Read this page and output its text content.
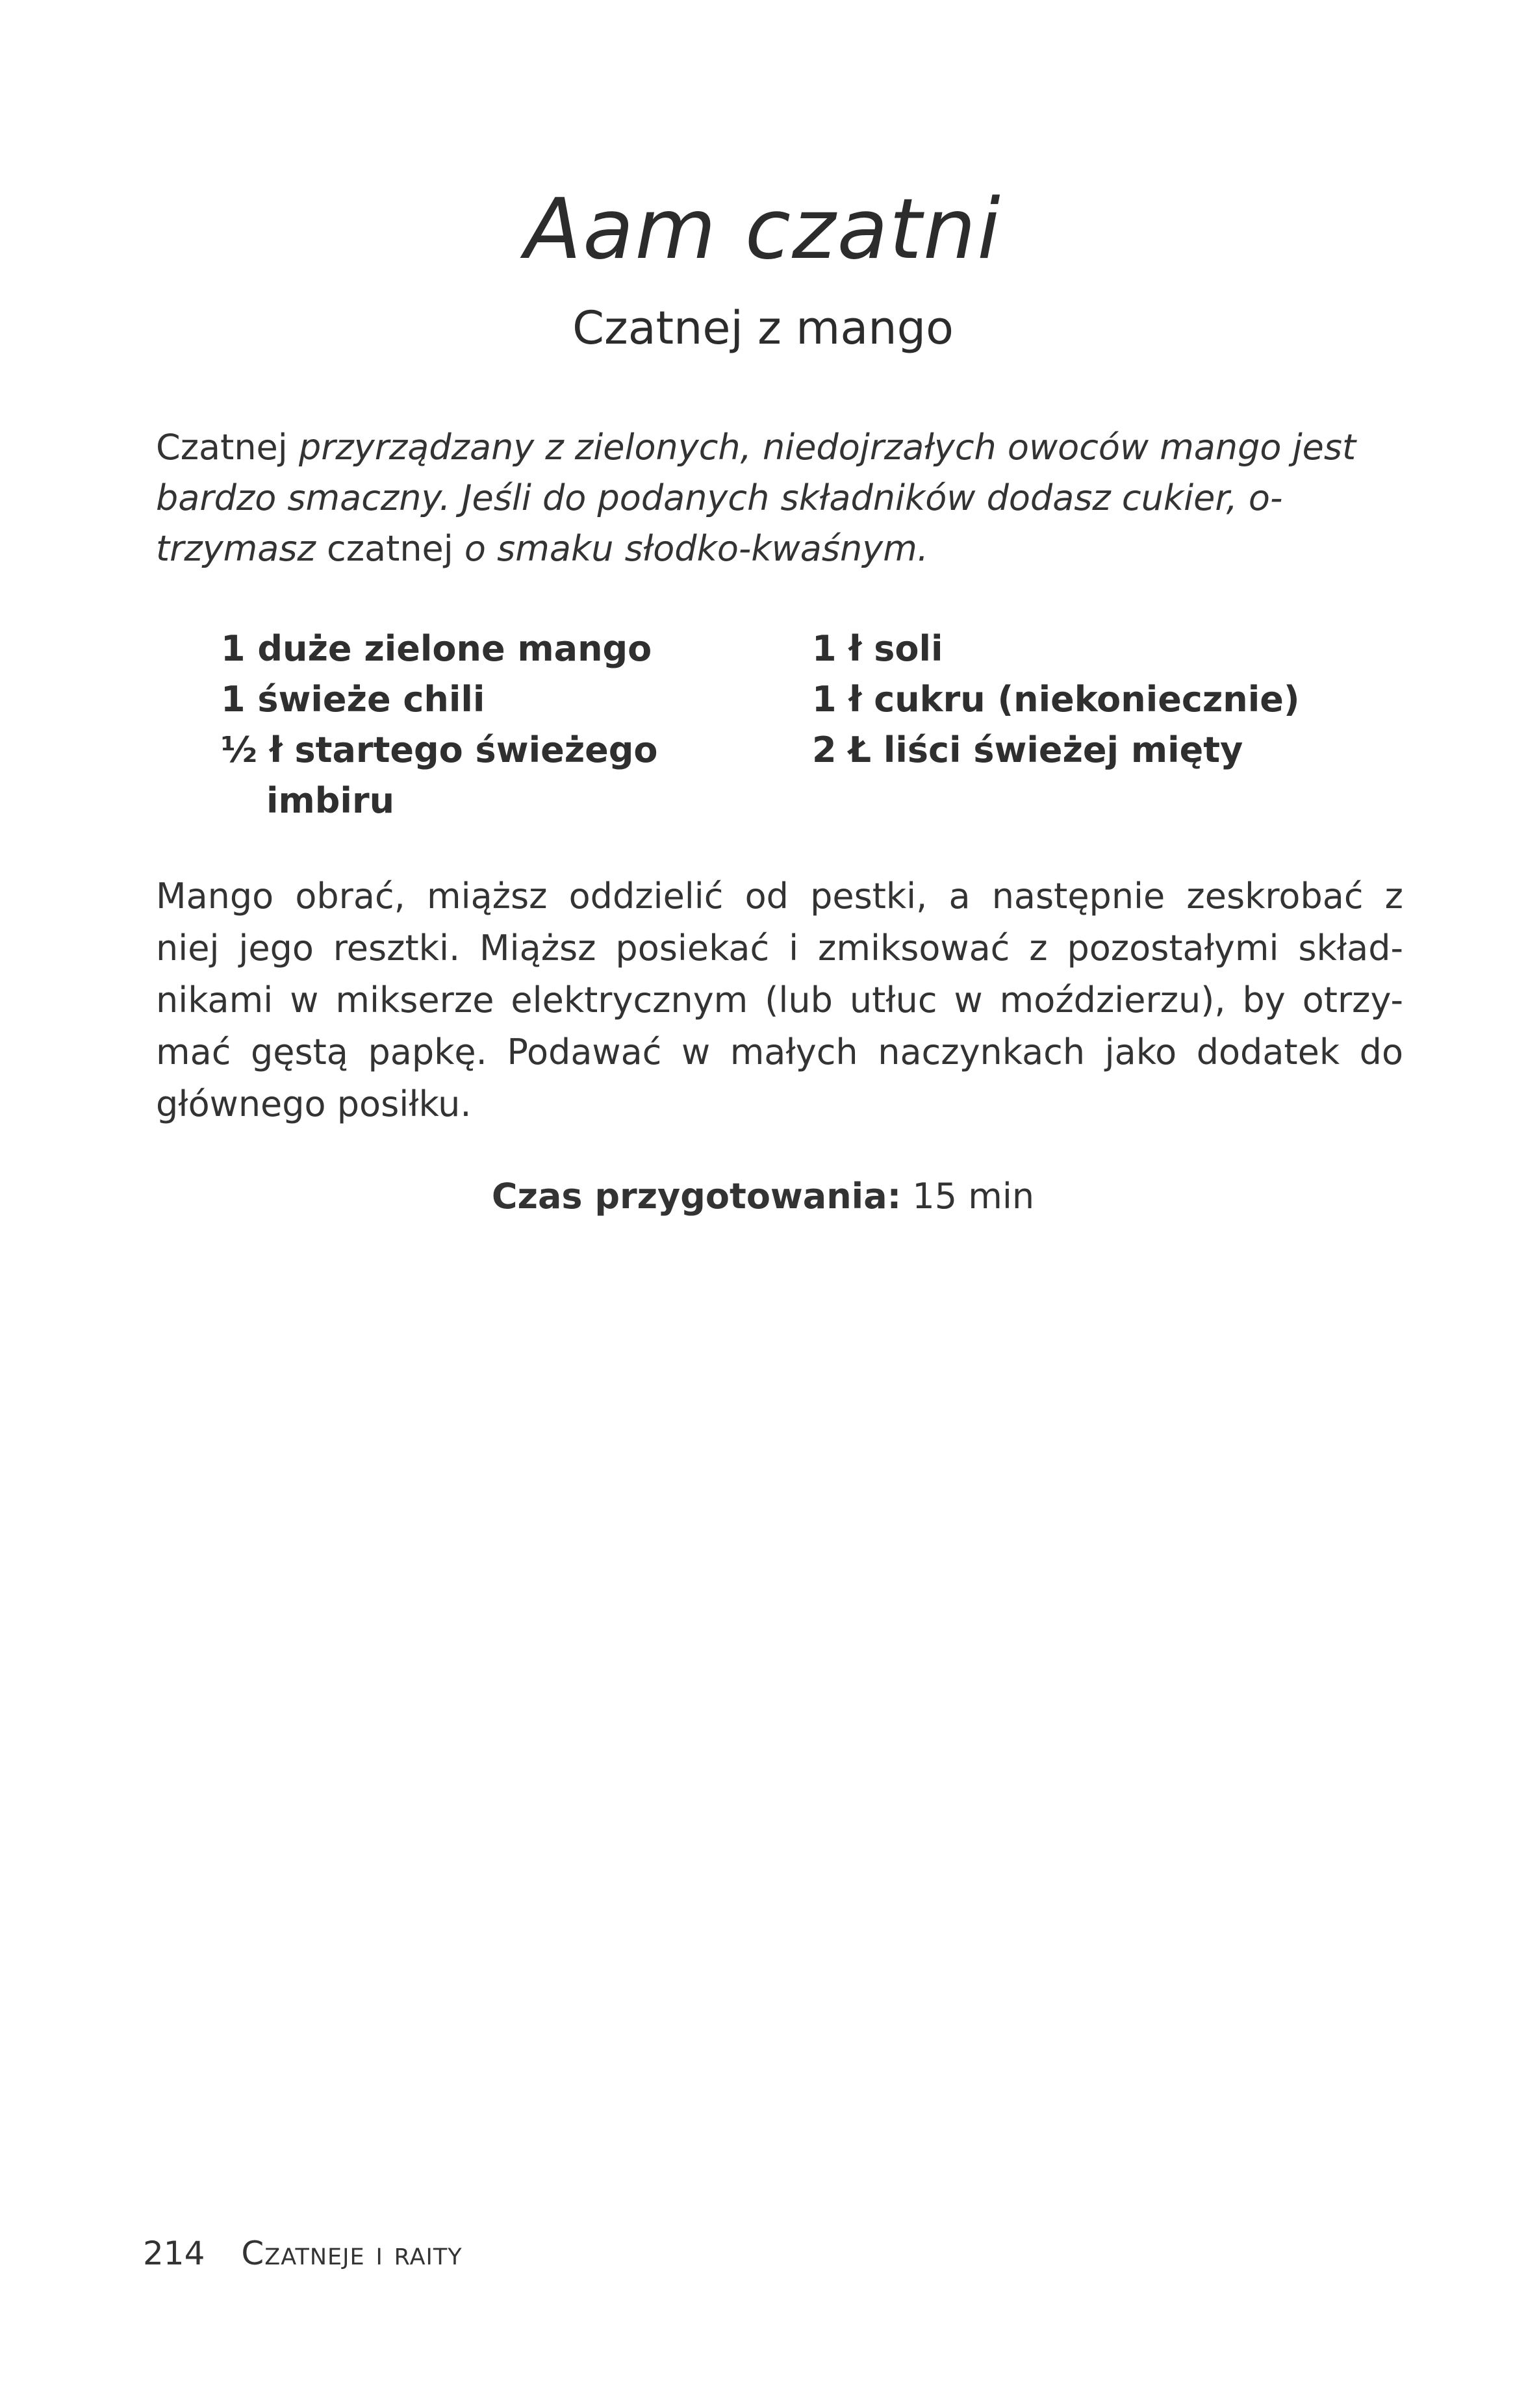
Aam czatni
Czatnej z mango
Czatnej przyrządzany z zielonych, niedojrzałych owoców mango jest
bardzo smaczny. Jeśli do podanych składników dodasz cukier, o-
trzymasz czatnej o smaku słodko-kwaśnym.
1 duże zielone mango
1 świeże chili
½ ł startego świeżego
imbiru
1 ł soli
1 ł cukru (niekoniecznie)
2 Ł liści świeżej mięty
Mango obrać, miąższ oddzielić od pestki, a następnie zeskrobać z
niej jego resztki. Miąższ posiekać i zmiksować z pozostałymi skład-
nikami w mikserze elektrycznym (lub utłuc w moździerzu), by otrzy-
mać gęstą papkę. Podawać w małych naczynkach jako dodatek do
głównego posiłku.
Czas przygotowania: 15 min
214 Czatneje i raity
